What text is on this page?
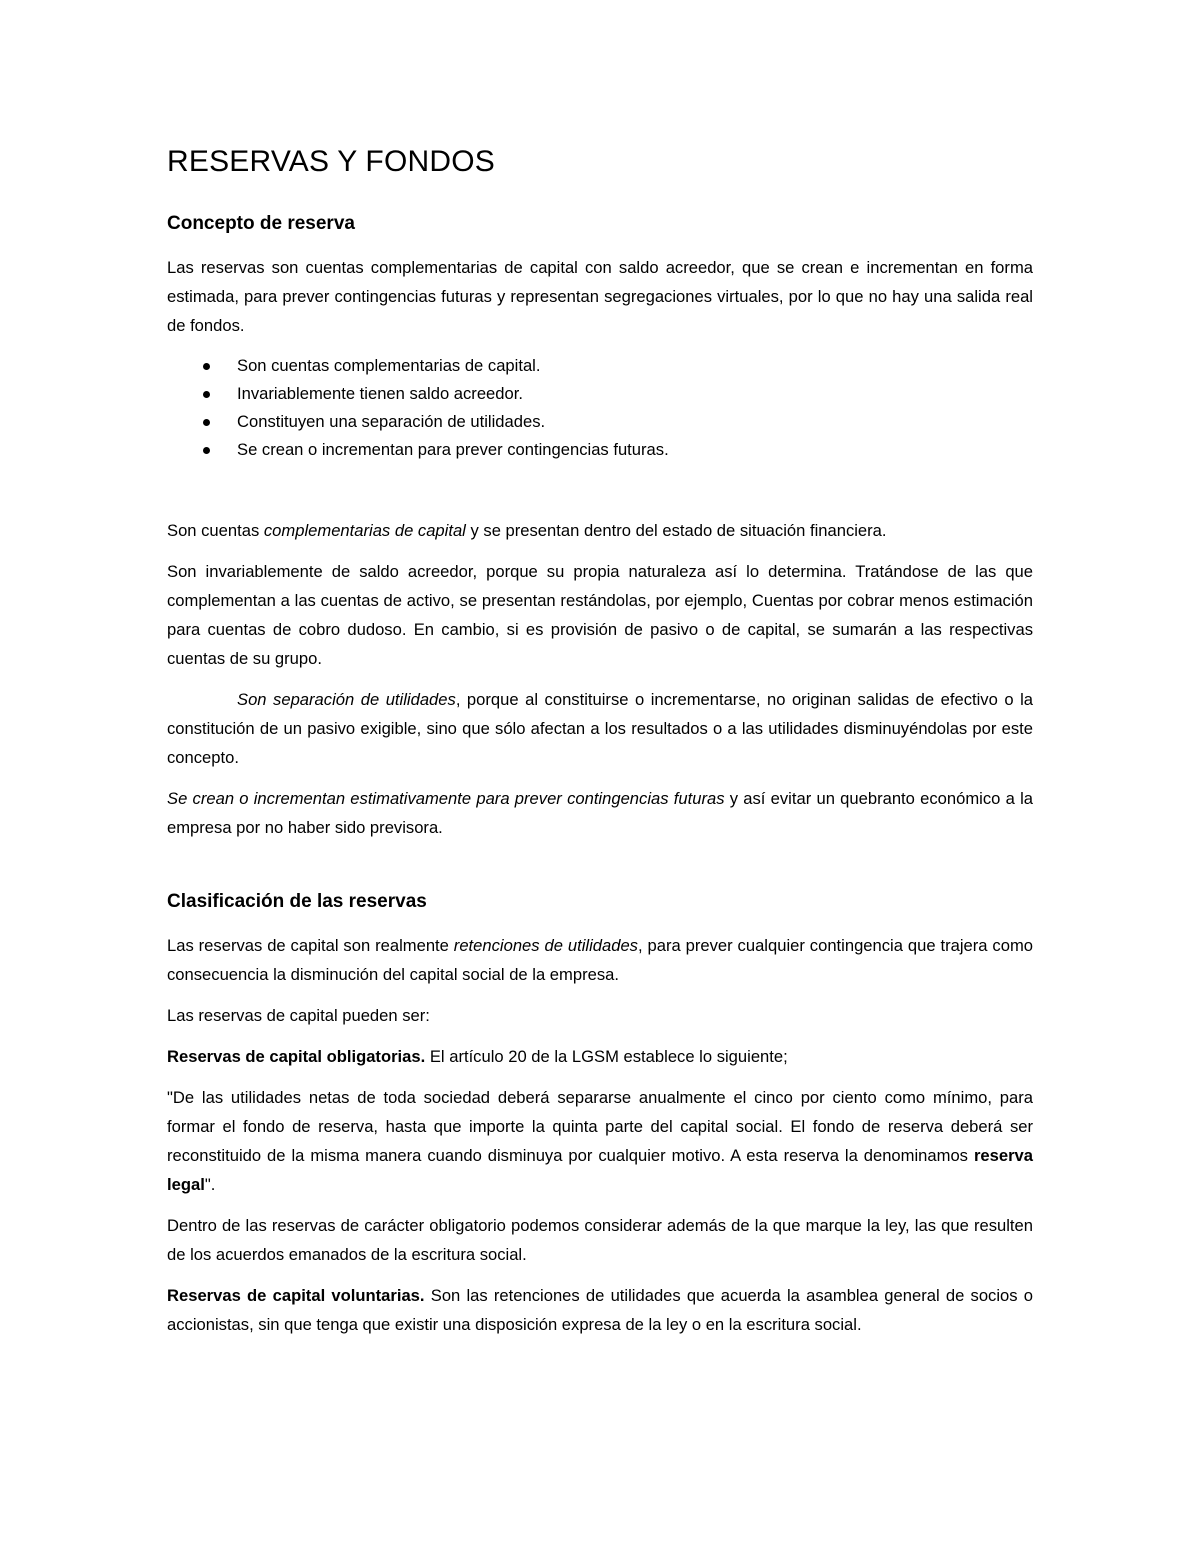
RESERVAS Y FONDOS
Concepto de reserva

Las reservas son cuentas complementarias de capital con saldo acreedor, que se crean e incrementan en forma estimada, para prever contingencias futuras y representan segregaciones virtuales, por lo que no hay una salida real de fondos.

Son cuentas complementarias de capital.
Invariablemente tienen saldo acreedor.
Constituyen una separación de utilidades.
Se crean o incrementan para prever contingencias futuras.

Son cuentas complementarias de capital y se presentan dentro del estado de situación financiera.

Son invariablemente de saldo acreedor, porque su propia naturaleza así lo determina. Tratándose de las que complementan a las cuentas de activo, se presentan restándolas, por ejemplo, Cuentas por cobrar menos estimación para cuentas de cobro dudoso. En cambio, si es provisión de pasivo o de capital, se sumarán a las respectivas cuentas de su grupo.

Son separación de utilidades, porque al constituirse o incrementarse, no originan salidas de efectivo o la constitución de un pasivo exigible, sino que sólo afectan a los resultados o a las utilidades disminuyéndolas por este concepto.

Se crean o incrementan estimativamente para prever contingencias futuras y así evitar un quebranto económico a la empresa por no haber sido previsora.

Clasificación de las reservas

Las reservas de capital son realmente retenciones de utilidades, para prever cualquier contingencia que trajera como consecuencia la disminución del capital social de la empresa.

Las reservas de capital pueden ser:

Reservas de capital obligatorias. El artículo 20 de la LGSM establece lo siguiente;

"De las utilidades netas de toda sociedad deberá separarse anualmente el cinco por ciento como mínimo, para formar el fondo de reserva, hasta que importe la quinta parte del capital social. El fondo de reserva deberá ser reconstituido de la misma manera cuando disminuya por cualquier motivo. A esta reserva la denominamos reserva legal".

Dentro de las reservas de carácter obligatorio podemos considerar además de la que marque la ley, las que resulten de los acuerdos emanados de la escritura social.

Reservas de capital voluntarias. Son las retenciones de utilidades que acuerda la asamblea general de socios o accionistas, sin que tenga que existir una disposición expresa de la ley o en la escritura social.
